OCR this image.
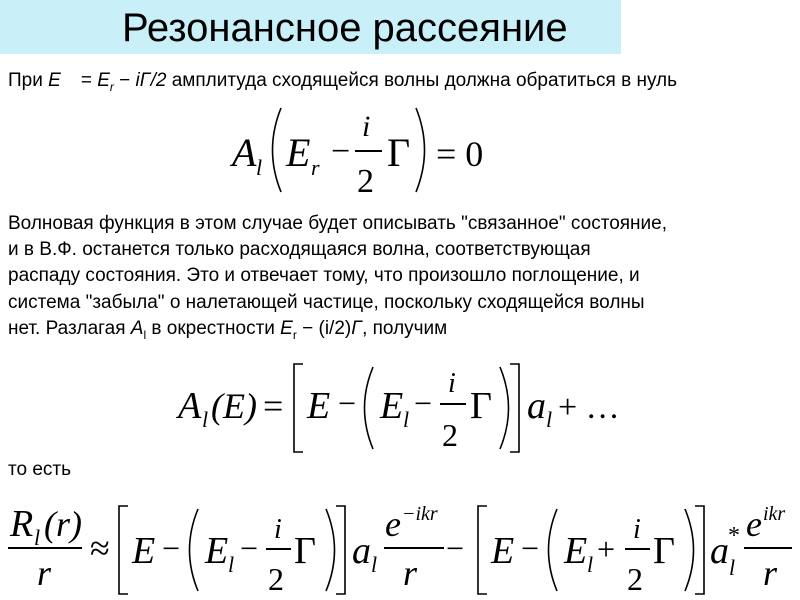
Резонансное рассеяние
При $E = E_r - i\Gamma/2$ амплитуда сходящейся волны должна обратиться в нуль
A l E r −
i
2
Γ = 0
Волновая функция в этом случае будет описывать "связанное" состояние,
и в В.Ф. останется только расходящаяся волна, соответствующая
распаду состояния. Это и отвечает тому, что произошло поглощение, и
система "забыла" о налетающей частице, поскольку сходящейся волны
нет. Разлагая $A_l$ в окрестности $E_r - (i/2)\Gamma$, получим
A l (E) = E − E l −
i
2
Γ a l + …
то есть
R l (r)
r
≈ E − E l −
i
2
Γ a l
e −ikr
r
− E − E l +
i
2
Γ a l
* e ikr
r
